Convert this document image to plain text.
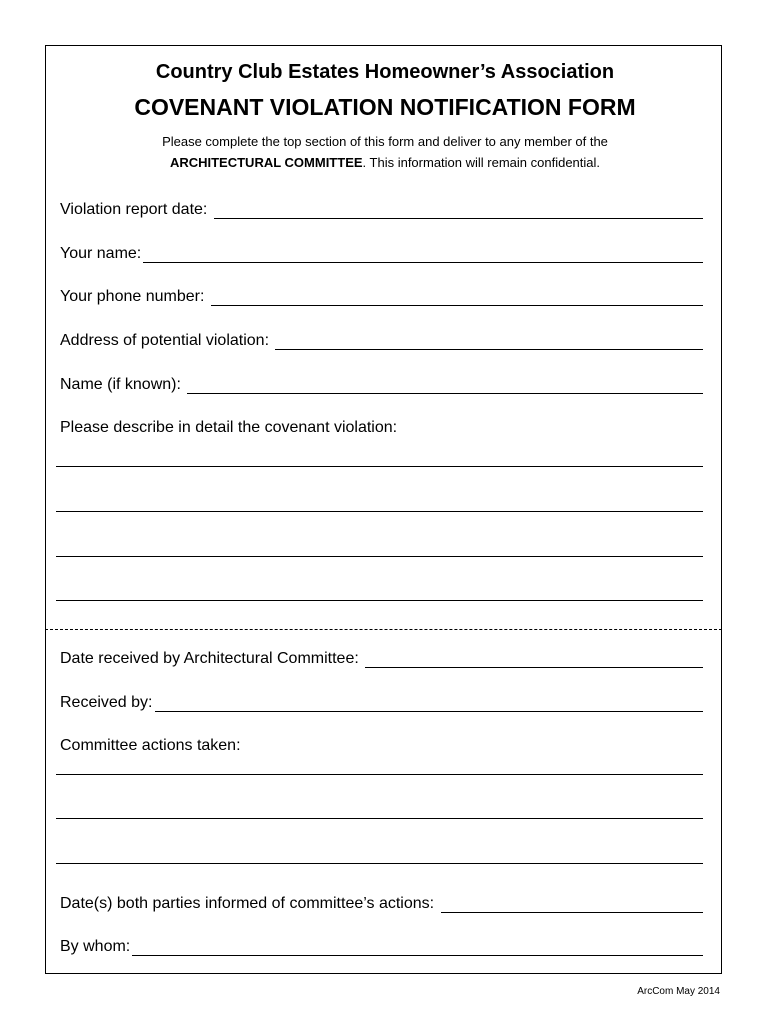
Country Club Estates Homeowner’s Association
COVENANT VIOLATION NOTIFICATION FORM
Please complete the top section of this form and deliver to any member of the
ARCHITECTURAL COMMITTEE. This information will remain confidential.
Violation report date:
Your name:
Your phone number:
Address of potential violation:
Name (if known):
Please describe in detail the covenant violation:
Date received by Architectural Committee:
Received by:
Committee actions taken:
Date(s) both parties informed of committee’s actions:
By whom:
ArcCom May 2014
